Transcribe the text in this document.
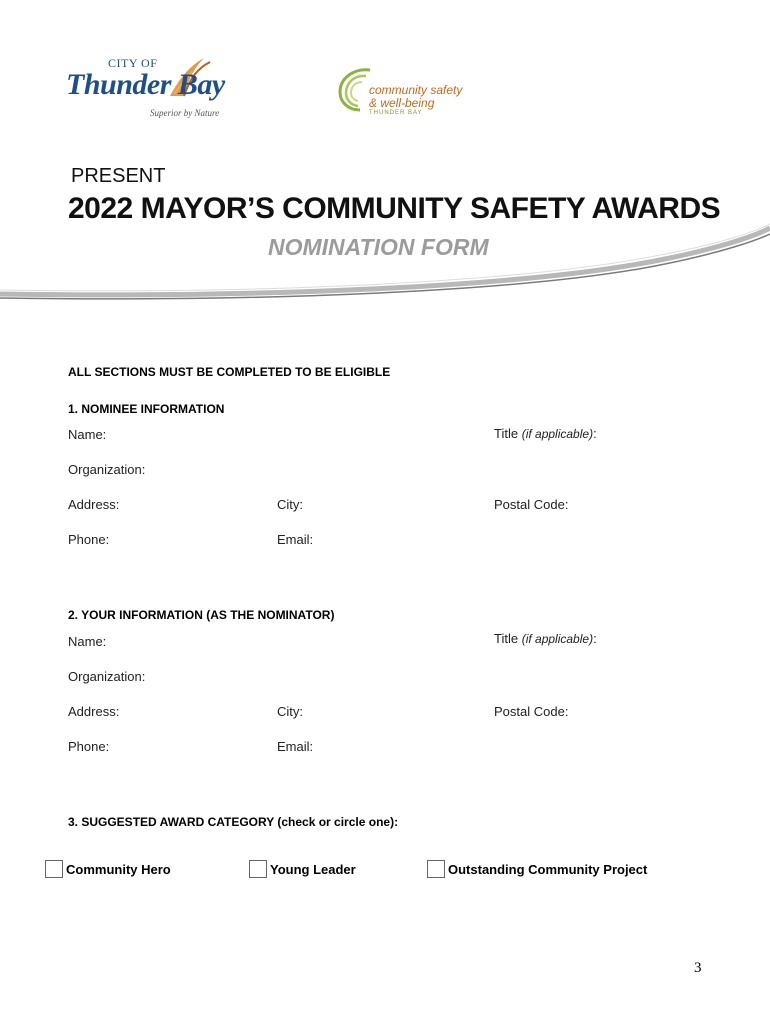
CITY OF
Thunder Bay
Superior by Nature
community safety
& well-being
THUNDER BAY
PRESENT
2022 MAYOR’S COMMUNITY SAFETY AWARDS
NOMINATION FORM
ALL SECTIONS MUST BE COMPLETED TO BE ELIGIBLE
1. NOMINEE INFORMATION
Name:	Title (if applicable):
Organization:
Address:	City:	Postal Code:
Phone:	Email:
2. YOUR INFORMATION (AS THE NOMINATOR)
Name:	Title (if applicable):
Organization:
Address:	City:	Postal Code:
Phone:	Email:
3. SUGGESTED AWARD CATEGORY (check or circle one):
Community Hero	Young Leader	Outstanding Community Project
3
